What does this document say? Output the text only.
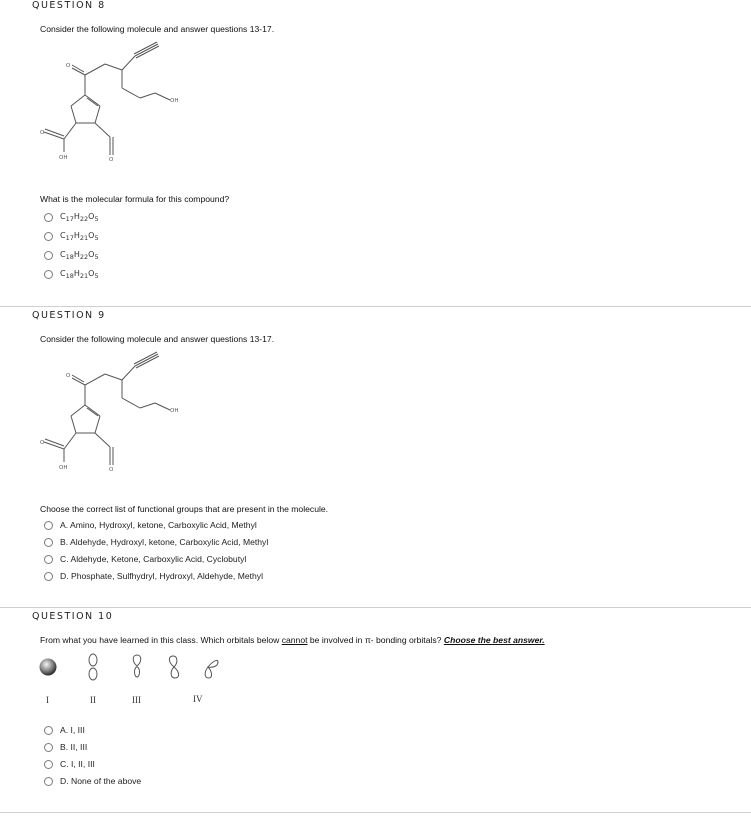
QUESTION 8
Consider the following molecule and answer questions 13-17.
O
OH
O
OH	O
What is the molecular formula for this compound?
$C_{17}H_{22}O_5$
$C_{17}H_{21}O_5$
$C_{18}H_{22}O_5$
$C_{18}H_{21}O_5$
QUESTION 9
Consider the following molecule and answer questions 13-17.
O
OH
O
OH	O
Choose the correct list of functional groups that are present in the molecule.
A. Amino, Hydroxyl, ketone, Carboxylic Acid, Methyl
B. Aldehyde, Hydroxyl, ketone, Carboxylic Acid, Methyl
C. Aldehyde, Ketone, Carboxylic Acid, Cyclobutyl
D. Phosphate, Sulfhydryl, Hydroxyl, Aldehyde, Methyl
QUESTION 10
From what you have learned in this class. Which orbitals below cannot be involved in π- bonding orbitals? Choose the best answer.
I	II	III	IV
A. I, III
B. II, III
C. I, II, III
D. None of the above
